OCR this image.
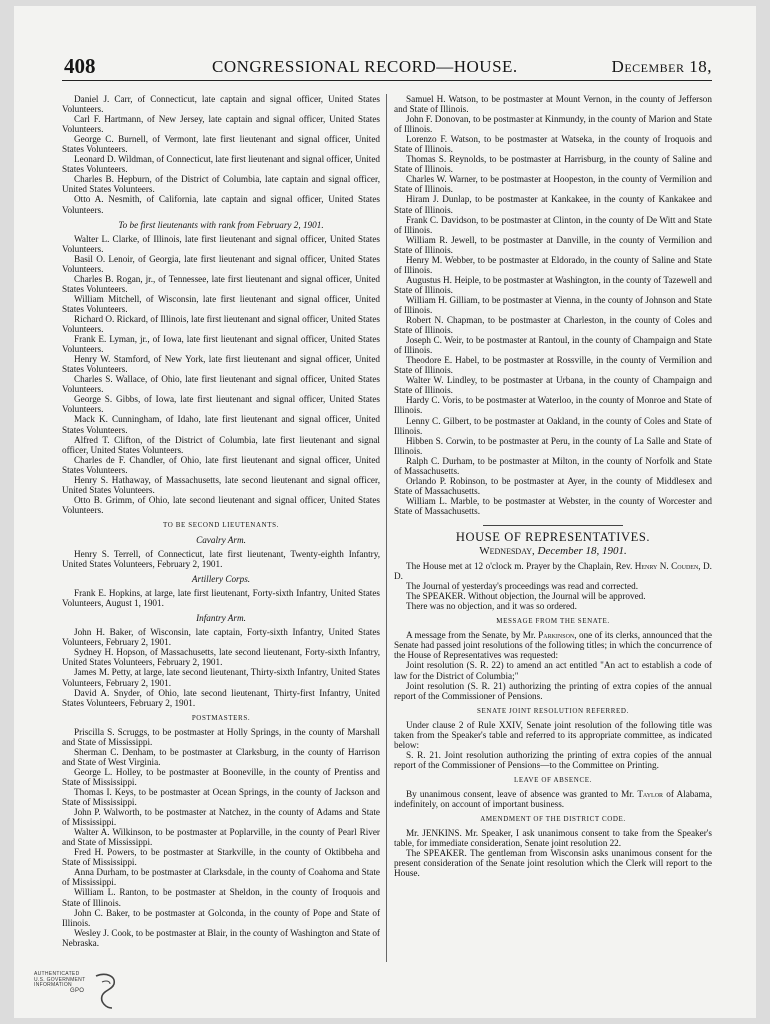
408	CONGRESSIONAL RECORD—HOUSE.	December 18,

Daniel J. Carr, of Connecticut, late captain and signal officer, United States Volunteers.

Carl F. Hartmann, of New Jersey, late captain and signal officer, United States Volunteers.

George C. Burnell, of Vermont, late first lieutenant and signal officer, United States Volunteers.

Leonard D. Wildman, of Connecticut, late first lieutenant and signal officer, United States Volunteers.

Charles B. Hepburn, of the District of Columbia, late captain and signal officer, United States Volunteers.

Otto A. Nesmith, of California, late captain and signal officer, United States Volunteers.

To be first lieutenants with rank from February 2, 1901.

Walter L. Clarke, of Illinois, late first lieutenant and signal officer, United States Volunteers.

Basil O. Lenoir, of Georgia, late first lieutenant and signal officer, United States Volunteers.

Charles B. Rogan, jr., of Tennessee, late first lieutenant and signal officer, United States Volunteers.

William Mitchell, of Wisconsin, late first lieutenant and signal officer, United States Volunteers.

Richard O. Rickard, of Illinois, late first lieutenant and signal officer, United States Volunteers.

Frank E. Lyman, jr., of Iowa, late first lieutenant and signal officer, United States Volunteers.

Henry W. Stamford, of New York, late first lieutenant and signal officer, United States Volunteers.

Charles S. Wallace, of Ohio, late first lieutenant and signal officer, United States Volunteers.

George S. Gibbs, of Iowa, late first lieutenant and signal officer, United States Volunteers.

Mack K. Cunningham, of Idaho, late first lieutenant and signal officer, United States Volunteers.

Alfred T. Clifton, of the District of Columbia, late first lieutenant and signal officer, United States Volunteers.

Charles de F. Chandler, of Ohio, late first lieutenant and signal officer, United States Volunteers.

Henry S. Hathaway, of Massachusetts, late second lieutenant and signal officer, United States Volunteers.

Otto B. Grimm, of Ohio, late second lieutenant and signal officer, United States Volunteers.

TO BE SECOND LIEUTENANTS.

Cavalry Arm.

Henry S. Terrell, of Connecticut, late first lieutenant, Twenty-eighth Infantry, United States Volunteers, February 2, 1901.

Artillery Corps.

Frank E. Hopkins, at large, late first lieutenant, Forty-sixth Infantry, United States Volunteers, August 1, 1901.

Infantry Arm.

John H. Baker, of Wisconsin, late captain, Forty-sixth Infantry, United States Volunteers, February 2, 1901.

Sydney H. Hopson, of Massachusetts, late second lieutenant, Forty-sixth Infantry, United States Volunteers, February 2, 1901.

James M. Petty, at large, late second lieutenant, Thirty-sixth Infantry, United States Volunteers, February 2, 1901.

David A. Snyder, of Ohio, late second lieutenant, Thirty-first Infantry, United States Volunteers, February 2, 1901.

POSTMASTERS.

Priscilla S. Scruggs, to be postmaster at Holly Springs, in the county of Marshall and State of Mississippi.

Sherman C. Denham, to be postmaster at Clarksburg, in the county of Harrison and State of West Virginia.

George L. Holley, to be postmaster at Booneville, in the county of Prentiss and State of Mississippi.

Thomas I. Keys, to be postmaster at Ocean Springs, in the county of Jackson and State of Mississippi.

John P. Walworth, to be postmaster at Natchez, in the county of Adams and State of Mississippi.

Walter A. Wilkinson, to be postmaster at Poplarville, in the county of Pearl River and State of Mississippi.

Fred H. Powers, to be postmaster at Starkville, in the county of Oktibbeha and State of Mississippi.

Anna Durham, to be postmaster at Clarksdale, in the county of Coahoma and State of Mississippi.

William L. Ranton, to be postmaster at Sheldon, in the county of Iroquois and State of Illinois.

John C. Baker, to be postmaster at Golconda, in the county of Pope and State of Illinois.

Wesley J. Cook, to be postmaster at Blair, in the county of Washington and State of Nebraska.

Samuel H. Watson, to be postmaster at Mount Vernon, in the county of Jefferson and State of Illinois.

John F. Donovan, to be postmaster at Kinmundy, in the county of Marion and State of Illinois.

Lorenzo F. Watson, to be postmaster at Watseka, in the county of Iroquois and State of Illinois.

Thomas S. Reynolds, to be postmaster at Harrisburg, in the county of Saline and State of Illinois.

Charles W. Warner, to be postmaster at Hoopeston, in the county of Vermilion and State of Illinois.

Hiram J. Dunlap, to be postmaster at Kankakee, in the county of Kankakee and State of Illinois.

Frank C. Davidson, to be postmaster at Clinton, in the county of De Witt and State of Illinois.

William R. Jewell, to be postmaster at Danville, in the county of Vermilion and State of Illinois.

Henry M. Webber, to be postmaster at Eldorado, in the county of Saline and State of Illinois.

Augustus H. Heiple, to be postmaster at Washington, in the county of Tazewell and State of Illinois.

William H. Gilliam, to be postmaster at Vienna, in the county of Johnson and State of Illinois.

Robert N. Chapman, to be postmaster at Charleston, in the county of Coles and State of Illinois.

Joseph C. Weir, to be postmaster at Rantoul, in the county of Champaign and State of Illinois.

Theodore E. Habel, to be postmaster at Rossville, in the county of Vermilion and State of Illinois.

Walter W. Lindley, to be postmaster at Urbana, in the county of Champaign and State of Illinois.

Hardy C. Voris, to be postmaster at Waterloo, in the county of Monroe and State of Illinois.

Lenny C. Gilbert, to be postmaster at Oakland, in the county of Coles and State of Illinois.

Hibben S. Corwin, to be postmaster at Peru, in the county of La Salle and State of Illinois.

Ralph C. Durham, to be postmaster at Milton, in the county of Norfolk and State of Massachusetts.

Orlando P. Robinson, to be postmaster at Ayer, in the county of Middlesex and State of Massachusetts.

William L. Marble, to be postmaster at Webster, in the county of Worcester and State of Massachusetts.

HOUSE OF REPRESENTATIVES.
Wednesday, December 18, 1901.

The House met at 12 o'clock m. Prayer by the Chaplain, Rev. Henry N. Couden, D. D.

The Journal of yesterday's proceedings was read and corrected.

The SPEAKER. Without objection, the Journal will be approved.

There was no objection, and it was so ordered.

MESSAGE FROM THE SENATE.

A message from the Senate, by Mr. Parkinson, one of its clerks, announced that the Senate had passed joint resolutions of the following titles; in which the concurrence of the House of Representatives was requested:

Joint resolution (S. R. 22) to amend an act entitled "An act to establish a code of law for the District of Columbia;"

Joint resolution (S. R. 21) authorizing the printing of extra copies of the annual report of the Commissioner of Pensions.

SENATE JOINT RESOLUTION REFERRED.

Under clause 2 of Rule XXIV, Senate joint resolution of the following title was taken from the Speaker's table and referred to its appropriate committee, as indicated below:

S. R. 21. Joint resolution authorizing the printing of extra copies of the annual report of the Commissioner of Pensions—to the Committee on Printing.

LEAVE OF ABSENCE.

By unanimous consent, leave of absence was granted to Mr. Taylor of Alabama, indefinitely, on account of important business.

AMENDMENT OF THE DISTRICT CODE.

Mr. JENKINS. Mr. Speaker, I ask unanimous consent to take from the Speaker's table, for immediate consideration, Senate joint resolution 22.

The SPEAKER. The gentleman from Wisconsin asks unanimous consent for the present consideration of the Senate joint resolution which the Clerk will report to the House.

AUTHENTICATED
U.S. GOVERNMENT
INFORMATION
GPO
